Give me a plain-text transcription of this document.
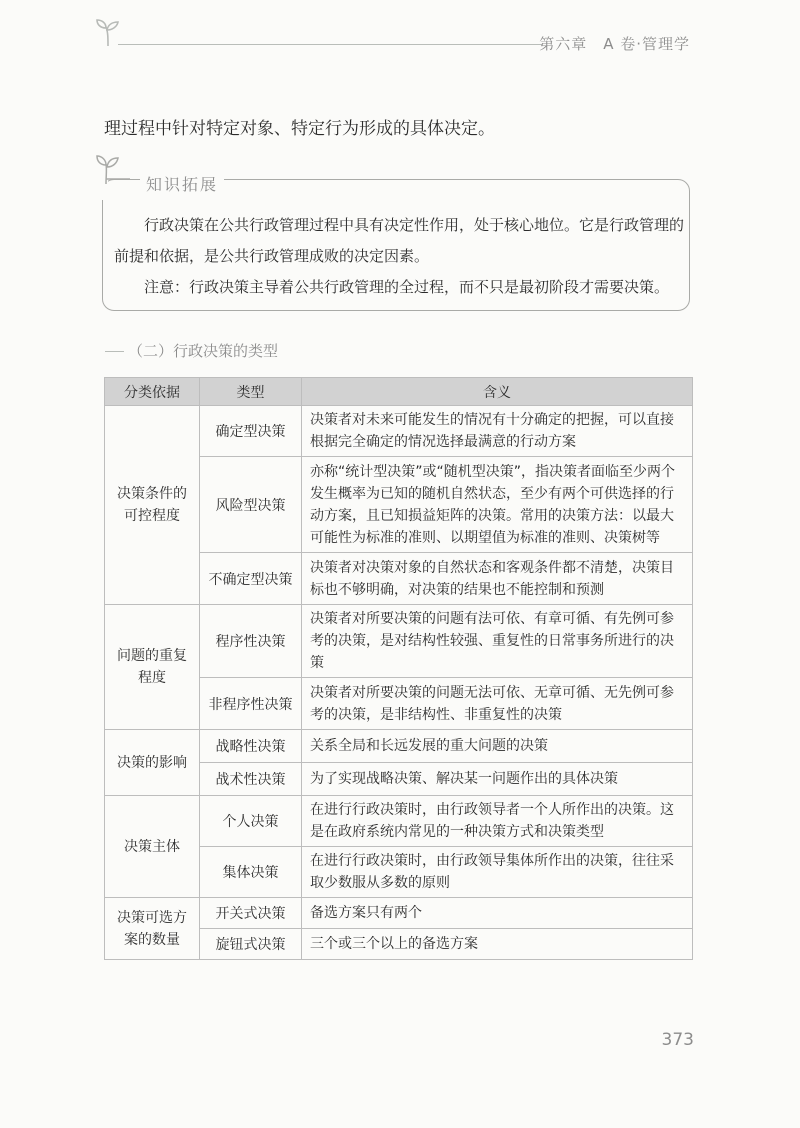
第六章　A 卷·管理学
理过程中针对特定对象、特定行为形成的具体决定。
知识拓展
行政决策在公共行政管理过程中具有决定性作用，处于核心地位。它是行政管理的前提和依据，是公共行政管理成败的决定因素。
注意：行政决策主导着公共行政管理的全过程，而不只是最初阶段才需要决策。
（二）行政决策的类型
分类依据	类型	含义
决策条件的可控程度	确定型决策	决策者对未来可能发生的情况有十分确定的把握，可以直接根据完全确定的情况选择最满意的行动方案
	风险型决策	亦称“统计型决策”或“随机型决策”，指决策者面临至少两个发生概率为已知的随机自然状态，至少有两个可供选择的行动方案，且已知损益矩阵的决策。常用的决策方法：以最大可能性为标准的准则、以期望值为标准的准则、决策树等
	不确定型决策	决策者对决策对象的自然状态和客观条件都不清楚，决策目标也不够明确，对决策的结果也不能控制和预测
问题的重复程度	程序性决策	决策者对所要决策的问题有法可依、有章可循、有先例可参考的决策，是对结构性较强、重复性的日常事务所进行的决策
	非程序性决策	决策者对所要决策的问题无法可依、无章可循、无先例可参考的决策，是非结构性、非重复性的决策
决策的影响	战略性决策	关系全局和长远发展的重大问题的决策
	战术性决策	为了实现战略决策、解决某一问题作出的具体决策
决策主体	个人决策	在进行行政决策时，由行政领导者一个人所作出的决策。这是在政府系统内常见的一种决策方式和决策类型
	集体决策	在进行行政决策时，由行政领导集体所作出的决策，往往采取少数服从多数的原则
决策可选方案的数量	开关式决策	备选方案只有两个
	旋钮式决策	三个或三个以上的备选方案
373
